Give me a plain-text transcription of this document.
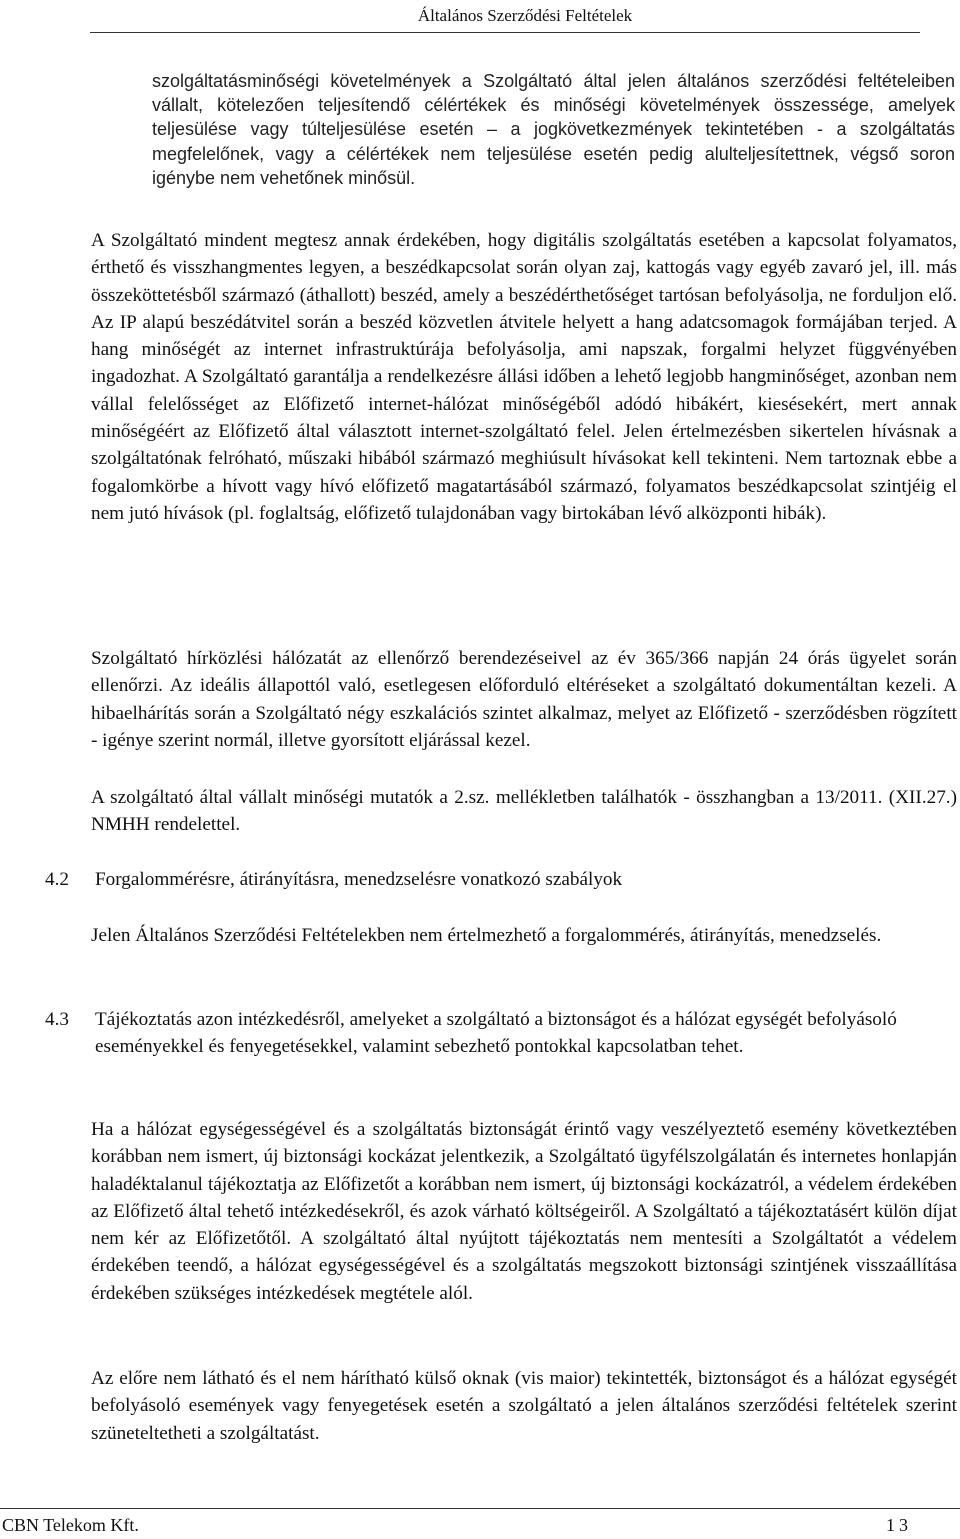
Általános Szerződési Feltételek

szolgáltatásminőségi követelmények a Szolgáltató által jelen általános szerződési feltételeiben vállalt, kötelezően teljesítendő célértékek és minőségi követelmények összessége, amelyek teljesülése vagy túlteljesülése esetén – a jogkövetkezmények tekintetében - a szolgáltatás megfelelőnek, vagy a célértékek nem teljesülése esetén pedig alulteljesítettnek, végső soron igénybe nem vehetőnek minősül.

A Szolgáltató mindent megtesz annak érdekében, hogy digitális szolgáltatás esetében a kapcsolat folyamatos, érthető és visszhangmentes legyen, a beszédkapcsolat során olyan zaj, kattogás vagy egyéb zavaró jel, ill. más összeköttetésből származó (áthallott) beszéd, amely a beszédérthetőséget tartósan befolyásolja, ne forduljon elő. Az IP alapú beszédátvitel során a beszéd közvetlen átvitele helyett a hang adatcsomagok formájában terjed. A hang minőségét az internet infrastruktúrája befolyásolja, ami napszak, forgalmi helyzet függvényében ingadozhat. A Szolgáltató garantálja a rendelkezésre állási időben a lehető legjobb hangminőséget, azonban nem vállal felelősséget az Előfizető internet-hálózat minőségéből adódó hibákért, kiesésekért, mert annak minőségéért az Előfizető által választott internet-szolgáltató felel. Jelen értelmezésben sikertelen hívásnak a szolgáltatónak felróható, műszaki hibából származó meghiúsult hívásokat kell tekinteni. Nem tartoznak ebbe a fogalomkörbe a hívott vagy hívó előfizető magatartásából származó, folyamatos beszédkapcsolat szintjéig el nem jutó hívások (pl. foglaltság, előfizető tulajdonában vagy birtokában lévő alközponti hibák).

Szolgáltató hírközlési hálózatát az ellenőrző berendezéseivel az év 365/366 napján 24 órás ügyelet során ellenőrzi. Az ideális állapottól való, esetlegesen előforduló eltéréseket a szolgáltató dokumentáltan kezeli. A hibaelhárítás során a Szolgáltató négy eszkalációs szintet alkalmaz, melyet az Előfizető - szerződésben rögzített - igénye szerint normál, illetve gyorsított eljárással kezel.

A szolgáltató által vállalt minőségi mutatók a 2.sz. mellékletben találhatók - összhangban a 13/2011. (XII.27.) NMHH rendelettel.

4.2 Forgalommérésre, átirányításra, menedzselésre vonatkozó szabályok

Jelen Általános Szerződési Feltételekben nem értelmezhető a forgalommérés, átirányítás, menedzselés.

4.3 Tájékoztatás azon intézkedésről, amelyeket a szolgáltató a biztonságot és a hálózat egységét befolyásoló eseményekkel és fenyegetésekkel, valamint sebezhető pontokkal kapcsolatban tehet.

Ha a hálózat egységességével és a szolgáltatás biztonságát érintő vagy veszélyeztető esemény következtében korábban nem ismert, új biztonsági kockázat jelentkezik, a Szolgáltató ügyfélszolgálatán és internetes honlapján haladéktalanul tájékoztatja az Előfizetőt a korábban nem ismert, új biztonsági kockázatról, a védelem érdekében az Előfizető által tehető intézkedésekről, és azok várható költségeiről. A Szolgáltató a tájékoztatásért külön díjat nem kér az Előfizetőtől. A szolgáltató által nyújtott tájékoztatás nem mentesíti a Szolgáltatót a védelem érdekében teendő, a hálózat egységességével és a szolgáltatás megszokott biztonsági szintjének visszaállítása érdekében szükséges intézkedések megtétele alól.

Az előre nem látható és el nem hárítható külső oknak (vis maior) tekintették, biztonságot és a hálózat egységét befolyásoló események vagy fenyegetések esetén a szolgáltató a jelen általános szerződési feltételek szerint szüneteltetheti a szolgáltatást.

CBN Telekom Kft.	13
